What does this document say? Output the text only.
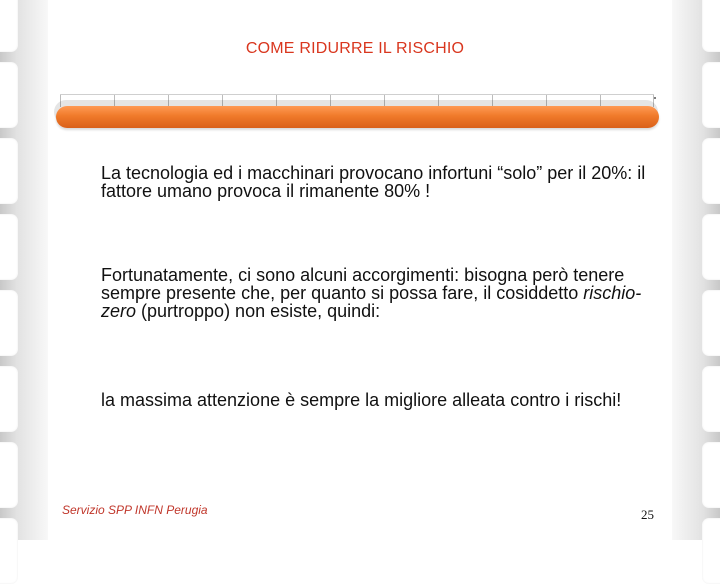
COME RIDURRE IL RISCHIO

La tecnologia ed i macchinari provocano infortuni “solo” per il 20%: il fattore umano provoca il rimanente 80% !

Fortunatamente, ci sono alcuni accorgimenti: bisogna però tenere sempre presente che, per quanto si possa fare, il cosiddetto rischio-zero (purtroppo) non esiste, quindi:

la massima attenzione è sempre la migliore alleata contro i rischi!

Servizio SPP INFN Perugia	25
